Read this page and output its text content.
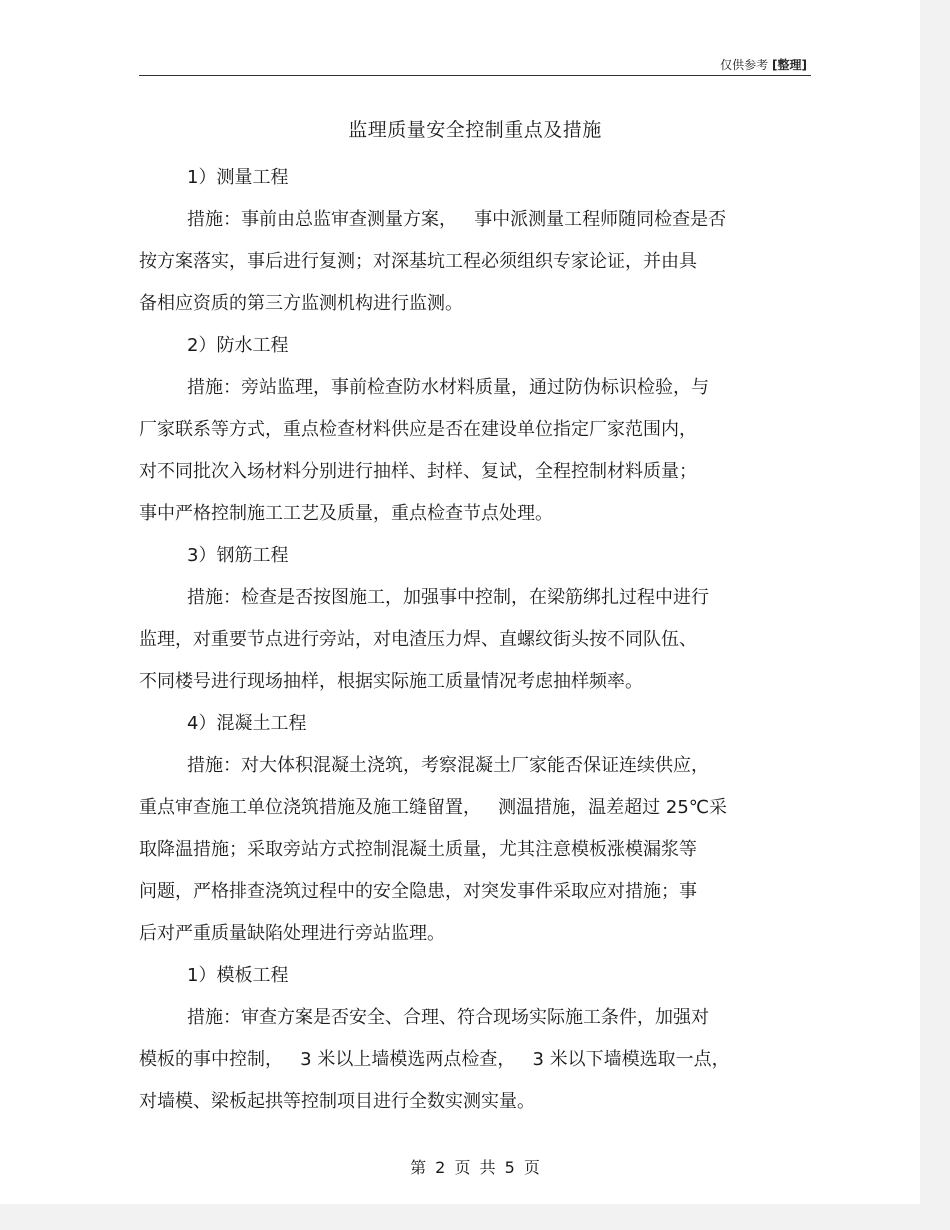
仅供参考 [整理]
监理质量安全控制重点及措施
1）测量工程
措施：事前由总监审查测量方案，   事中派测量工程师随同检查是否
按方案落实，事后进行复测；对深基坑工程必须组织专家论证，并由具
备相应资质的第三方监测机构进行监测。
2）防水工程
措施：旁站监理，事前检查防水材料质量，通过防伪标识检验，与
厂家联系等方式，重点检查材料供应是否在建设单位指定厂家范围内，
对不同批次入场材料分别进行抽样、封样、复试，全程控制材料质量；
事中严格控制施工工艺及质量，重点检查节点处理。
3）钢筋工程
措施：检查是否按图施工，加强事中控制，在梁筋绑扎过程中进行
监理，对重要节点进行旁站，对电渣压力焊、直螺纹街头按不同队伍、
不同楼号进行现场抽样，根据实际施工质量情况考虑抽样频率。
4）混凝土工程
措施：对大体积混凝土浇筑，考察混凝土厂家能否保证连续供应，
重点审查施工单位浇筑措施及施工缝留置，   测温措施，温差超过 25℃采
取降温措施；采取旁站方式控制混凝土质量，尤其注意模板涨模漏浆等
问题，严格排查浇筑过程中的安全隐患，对突发事件采取应对措施；事
后对严重质量缺陷处理进行旁站监理。
1）模板工程
措施：审查方案是否安全、合理、符合现场实际施工条件，加强对
模板的事中控制，   3 米以上墙模选两点检查，   3 米以下墙模选取一点，
对墙模、梁板起拱等控制项目进行全数实测实量。
第 2 页 共 5 页
